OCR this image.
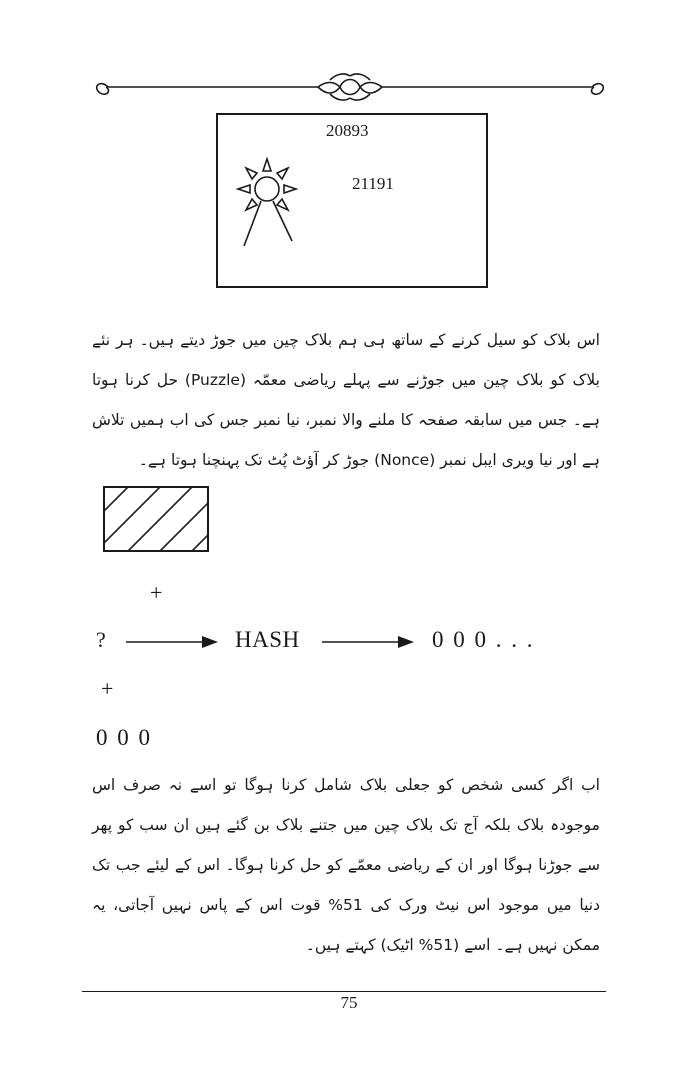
20893
21191
اس بلاک کو سیل کرنے کے ساتھ ہی ہم بلاک چین میں جوڑ دیتے ہیں۔ ہر نئے بلاک کو بلاک چین میں جوڑنے سے پہلے ریاضی معمّہ (Puzzle) حل کرنا ہوتا ہے۔ جس میں سابقہ صفحہ کا ملنے والا نمبر، نیا نمبر جس کی اب ہمیں تلاش ہے اور نیا ویری ایبل نمبر (Nonce) جوڑ کر آؤٹ پُٹ تک پہنچنا ہوتا ہے۔
+
?	HASH	0 0 0 . . .
+
0 0 0
اب اگر کسی شخص کو جعلی بلاک شامل کرنا ہوگا تو اسے نہ صرف اس موجودہ بلاک بلکہ آج تک بلاک چین میں جتنے بلاک بن گئے ہیں ان سب کو پھر سے جوڑنا ہوگا اور ان کے ریاضی معمّے کو حل کرنا ہوگا۔ اس کے لیئے جب تک دنیا میں موجود اس نیٹ ورک کی 51% قوت اس کے پاس نہیں آجاتی، یہ ممکن نہیں ہے۔ اسے (51% اٹیک) کہتے ہیں۔
75
